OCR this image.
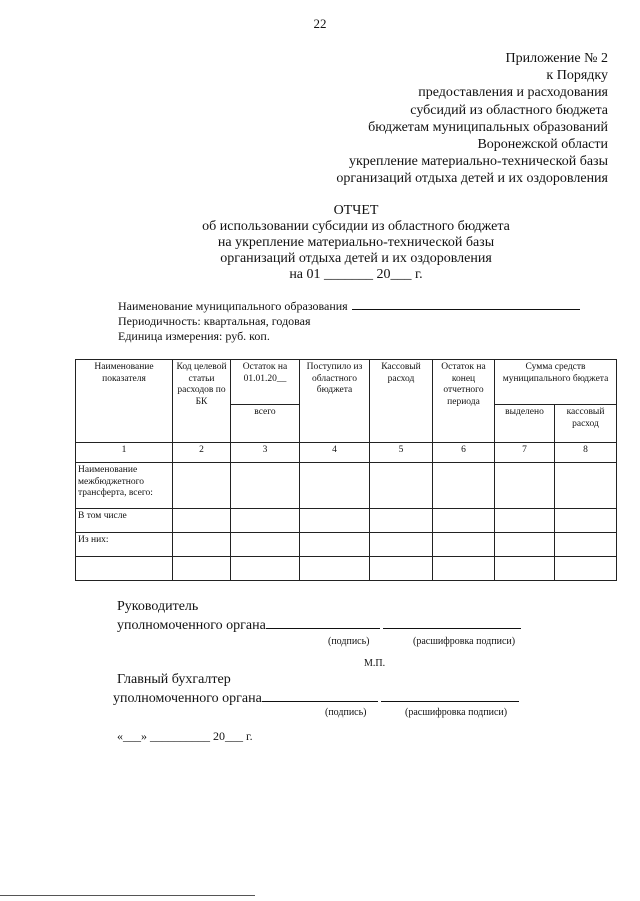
22
Приложение № 2
к Порядку
предоставления и расходования
субсидий из областного бюджета
бюджетам муниципальных образований
Воронежской области
укрепление материально-технической базы
организаций отдыха детей и их оздоровления
ОТЧЕТ
об использовании субсидии из областного бюджета
на укрепление материально-технической базы
организаций отдыха детей и их оздоровления
на 01 _______ 20___ г.
Наименование муниципального образования
Периодичность: квартальная, годовая
Единица измерения: руб. коп.
Наименование показателя	Код целевой статьи расходов по БК	Остаток на 01.01.20__	Поступило из областного бюджета	Кассовый расход	Остаток на конец отчетного периода	Сумма средств муниципального бюджета	
		всего				выделено	кассовый расход
1	2	3	4	5	6	7	8
Наименование межбюджетного трансферта, всего:							
В том числе							
Из них:							

Руководитель
уполномоченного органа
(подпись)	(расшифровка подписи)
М.П.
Главный бухгалтер
уполномоченного органа
(подпись)	(расшифровка подписи)
«___» __________ 20___ г.
